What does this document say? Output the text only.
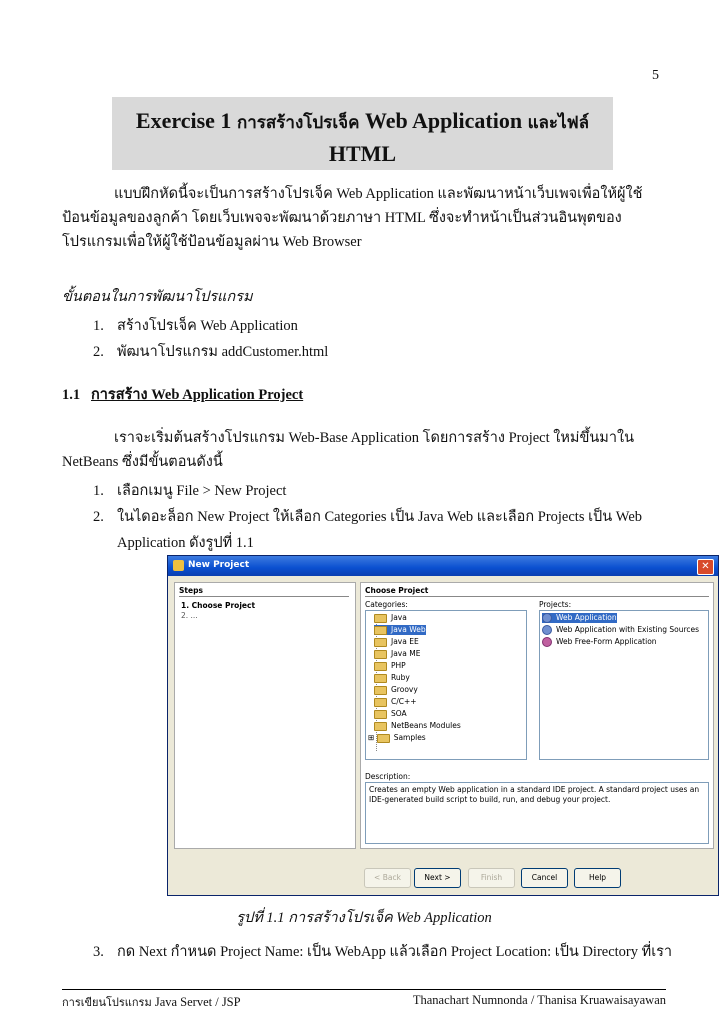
5
Exercise 1 การสร้างโปรเจ็ค Web Application และไฟล์
HTML
แบบฝึกหัดนี้จะเป็นการสร้างโปรเจ็ค Web Application และพัฒนาหน้าเว็บเพจเพื่อให้ผู้ใช้ป้อนข้อมูลของลูกค้า โดยเว็บเพจจะพัฒนาด้วยภาษา HTML ซึ่งจะทำหน้าเป็นส่วนอินพุตของโปรแกรมเพื่อให้ผู้ใช้ป้อนข้อมูลผ่าน Web Browser
ขั้นตอนในการพัฒนาโปรแกรม
1. สร้างโปรเจ็ค Web Application
2. พัฒนาโปรแกรม addCustomer.html
1.1 การสร้าง Web Application Project
เราจะเริ่มต้นสร้างโปรแกรม Web-Base Application โดยการสร้าง Project ใหม่ขึ้นมาใน NetBeans ซึ่งมีขั้นตอนดังนี้
1. เลือกเมนู File > New Project
2. ในไดอะล็อก New Project ให้เลือก Categories เป็น Java Web และเลือก Projects เป็น Web
Application ดังรูปที่ 1.1
New Project	✕
Steps
1. Choose Project
2. ...
Choose Project
Categories:	Projects:
Java
Java Web
Java EE
Java ME
PHP
Ruby
Groovy
C/C++
SOA
NetBeans Modules
⊞	Samples
Web Application
Web Application with Existing Sources
Web Free-Form Application
Description:
Creates an empty Web application in a standard IDE project. A standard project uses an IDE-generated build script to build, run, and debug your project.
< Back	Next >	Finish	Cancel	Help
รูปที่ 1.1 การสร้างโปรเจ็ค Web Application
3. กด Next กำหนด Project Name: เป็น WebApp แล้วเลือก Project Location: เป็น Directory ที่เรา
การเขียนโปรแกรม Java Servet / JSP	Thanachart Numnonda / Thanisa Kruawaisayawan
